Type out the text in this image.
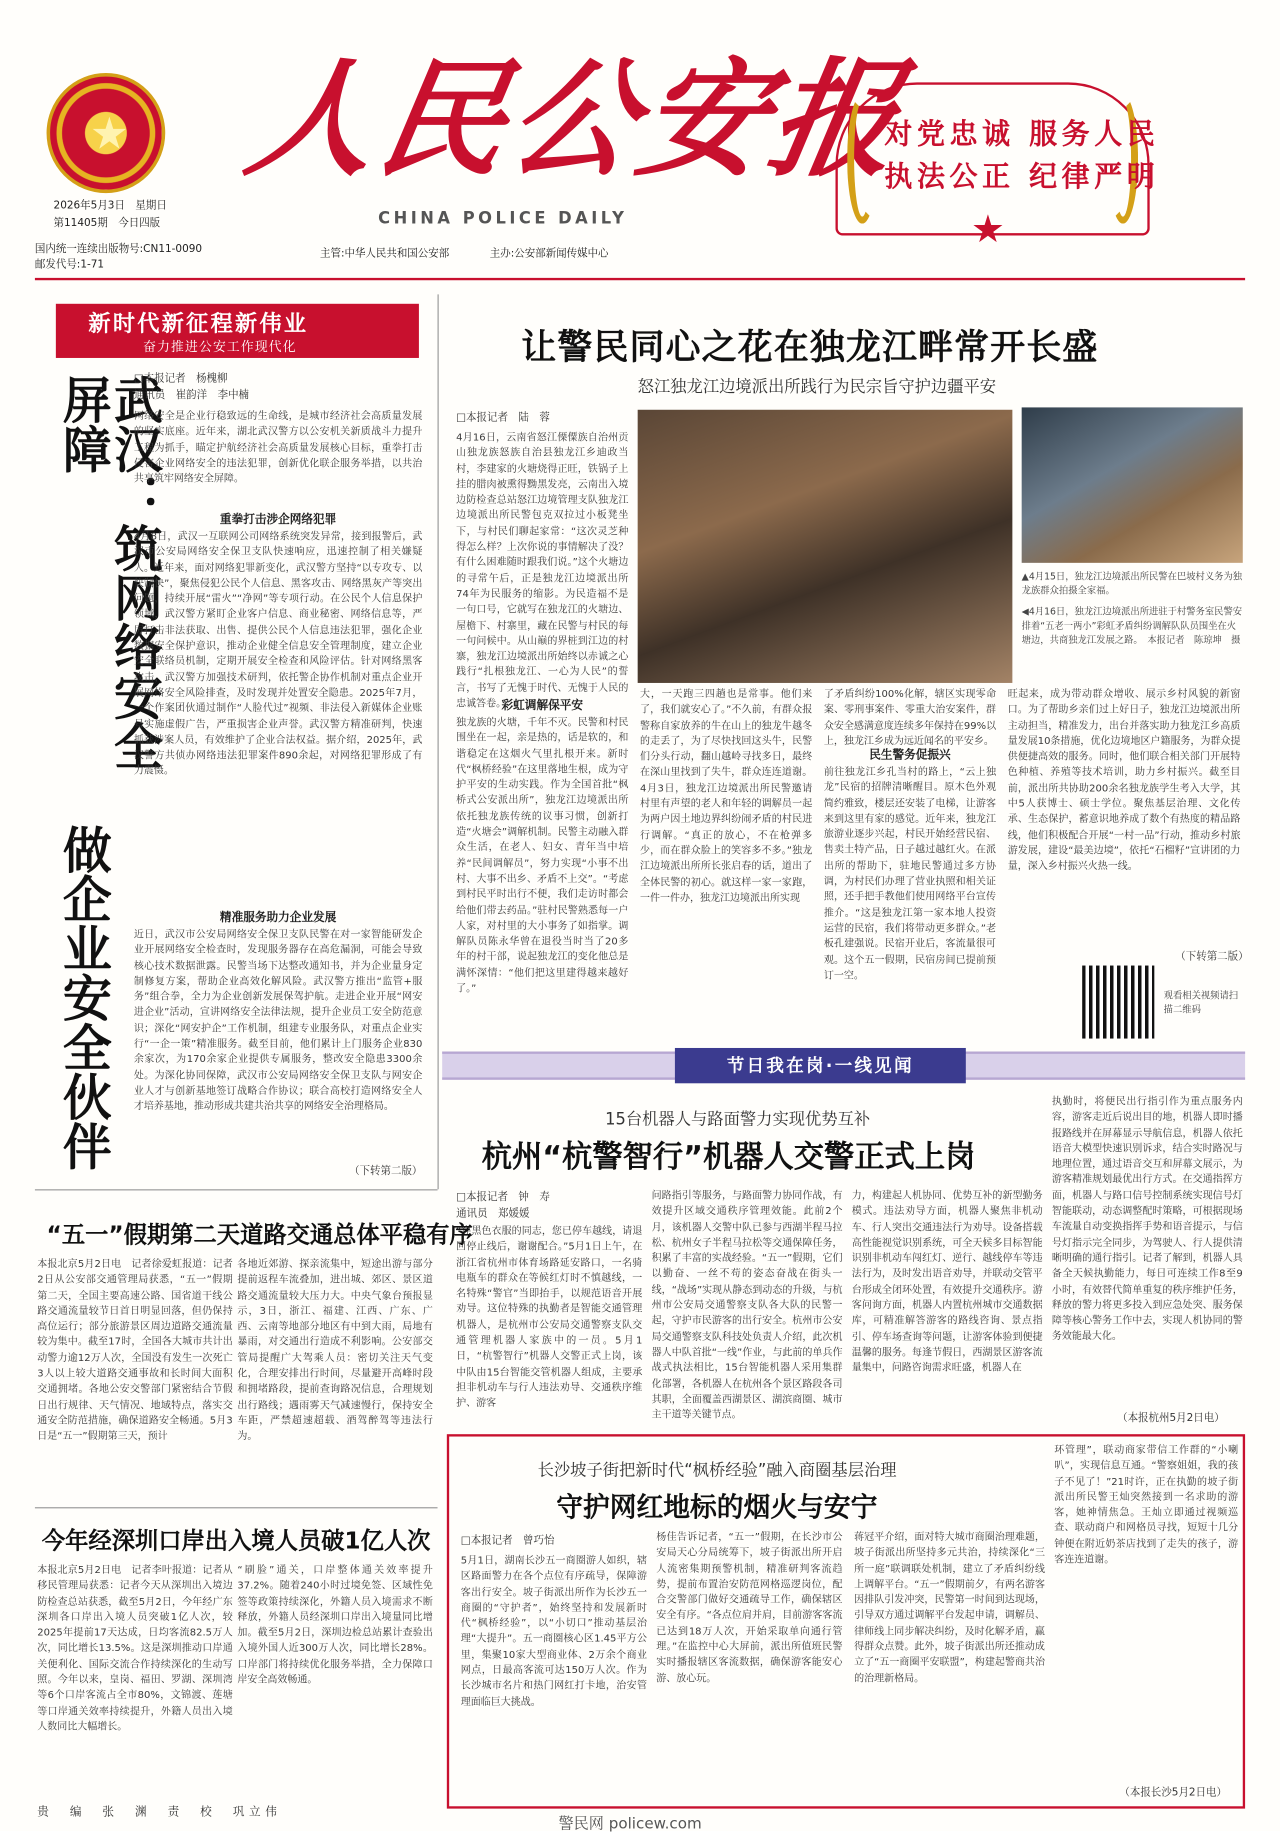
人民公安报
CHINA POLICE DAILY
2026年5月3日　星期日
第11405期　今日四版
国内统一连续出版物号:CN11-0090
邮发代号:1-71
主管:中华人民共和国公安部	主办:公安部新闻传媒中心
对党忠诚 服务人民
执法公正 纪律严明
新时代新征程新伟业
奋力推进公安工作现代化
武汉：筑网络安全屏障
做企业安全伙伴
□本报记者　杨槐柳
通讯员　崔韵洋　李中楠
网络安全是企业行稳致远的生命线，是城市经济社会高质量发展的坚实底座。近年来，湖北武汉警方以公安机关新质战斗力提升工程为抓手，瞄定护航经济社会高质量发展核心目标，重拳打击侵害企业网络安全的违法犯罪，创新优化联企服务举措，以共治共享筑牢网络安全屏障。
重拳打击涉企网络犯罪
4月8日，武汉一互联网公司网络系统突发异常，接到报警后，武汉市公安局网络安全保卫支队快速响应，迅速控制了相关嫌疑人。近年来，面对网络犯罪新变化，武汉警方坚持“以专攻专、以快制快”，聚焦侵犯公民个人信息、黑客攻击、网络黑灰产等突出问题，持续开展“雷火”“净网”等专项行动。在公民个人信息保护领域，武汉警方紧盯企业客户信息、商业秘密、网络信息等，严厉打击非法获取、出售、提供公民个人信息违法犯罪，强化企业数据安全保护意识，推动企业健全信息安全管理制度，建立企业安全联络员机制，定期开展安全检查和风险评估。针对网络黑客攻击，武汉警方加强技术研判，依托警企协作机制对重点企业开展网络安全风险排查，及时发现并处置安全隐患。2025年7月，一个作案团伙通过制作“人脸代过”视频、非法侵入新媒体企业账号实施虚假广告，严重损害企业声誉。武汉警方精准研判，快速抓获涉案人员，有效维护了企业合法权益。据介绍，2025年，武汉警方共侦办网络违法犯罪案件890余起，对网络犯罪形成了有力震慑。
精准服务助力企业发展
近日，武汉市公安局网络安全保卫支队民警在对一家智能研发企业开展网络安全检查时，发现服务器存在高危漏洞，可能会导致核心技术数据泄露。民警当场下达整改通知书，并为企业量身定制修复方案，帮助企业高效化解风险。武汉警方推出“监管+服务”组合拳，全力为企业创新发展保驾护航。走进企业开展“网安进企业”活动，宣讲网络安全法律法规，提升企业员工安全防范意识；深化“网安护企”工作机制，组建专业服务队，对重点企业实行“一企一策”精准服务。截至目前，他们累计上门服务企业830余家次，为170余家企业提供专属服务，整改安全隐患3300余处。为深化协同保障，武汉市公安局网络安全保卫支队与网安企业人才与创新基地签订战略合作协议；联合高校打造网络安全人才培养基地，推动形成共建共治共享的网络安全治理格局。
（下转第二版）
让警民同心之花在独龙江畔常开长盛
怒江独龙江边境派出所践行为民宗旨守护边疆平安
□本报记者　陆　蓉
4月16日，云南省怒江傈僳族自治州贡山独龙族怒族自治县独龙江乡迪政当村，李建家的火塘烧得正旺，铁锅子上挂的腊肉被熏得黝黑发亮，云南出入境边防检查总站怒江边境管理支队独龙江边境派出所民警包克双拉过小板凳坐下，与村民们聊起家常：“这次灵芝种得怎么样？上次你说的事情解决了没？有什么困难随时跟我们说。”这个火塘边的寻常午后，正是独龙江边境派出所74年为民服务的缩影。为民造福不是一句口号，它就写在独龙江的火塘边、屋檐下、村寨里，藏在民警与村民的每一句问候中。从山巅的界桩到江边的村寨，独龙江边境派出所始终以赤诚之心践行“扎根独龙江、一心为人民”的誓言，书写了无愧于时代、无愧于人民的忠诚答卷。
▲4月15日，独龙江边境派出所民警在巴坡村义务为独龙族群众拍摄全家福。
◀4月16日，独龙江边境派出所进驻于村警务室民警安排着“五老一两小”彩虹矛盾纠纷调解队队员围坐在火塘边，共商独龙江发展之路。　本报记者　陈琼坤　摄
彩虹调解保平安
独龙族的火塘，千年不灭。民警和村民围坐在一起，亲是热的，话是软的，和谐稳定在这烟火气里扎根开来。新时代“枫桥经验”在这里落地生根，成为守护平安的生动实践。作为全国首批“枫桥式公安派出所”，独龙江边境派出所依托独龙族传统的议事习惯，创新打造“火塘会”调解机制。民警主动融入群众生活，在老人、妇女、青年当中培养“民间调解员”，努力实现“小事不出村、大事不出乡、矛盾不上交”。“考虑到村民平时出行不便，我们走访时都会给他们带去药品。”驻村民警熟悉每一户人家，对村里的大小事务了如指掌。调解队员陈永华曾在退役当时当了20多年的村干部，说起独龙江的变化他总是满怀深情：“他们把这里建得越来越好了。”
大，一天跑三四趟也是常事。他们来了，我们就安心了。”不久前，有群众报警称自家放养的牛在山上的独龙牛越冬的走丢了，为了尽快找回这头牛，民警们分头行动，翻山越岭寻找多日，最终在深山里找到了失牛，群众连连道谢。4月3日，独龙江边境派出所民警邀请村里有声望的老人和年轻的调解员一起为两户因土地边界纠纷闹矛盾的村民进行调解。“真正的放心，不在枪弹多少，而在群众脸上的笑容多不多。”独龙江边境派出所所长张启春的话，道出了全体民警的初心。就这样一家一家跑，一件一件办，独龙江边境派出所实现
了矛盾纠纷100%化解，辖区实现零命案、零刑事案件、零重大治安案件，群众安全感满意度连续多年保持在99%以上，独龙江乡成为远近闻名的平安乡。
民生警务促振兴
前往独龙江乡孔当村的路上，“云上独龙”民宿的招牌清晰醒目。原木色外观简约雅致，楼层还安装了电梯，让游客来到这里有家的感觉。近年来，独龙江旅游业逐步兴起，村民开始经营民宿、售卖土特产品，日子越过越红火。在派出所的帮助下，驻地民警通过多方协调，为村民们办理了营业执照和相关证照，还手把手教他们使用网络平台宣传推介。“这是独龙江第一家本地人投资运营的民宿，我们将带动更多群众。”老板孔建强说。民宿开业后，客流量很可观。这个五一假期，民宿房间已提前预订一空。
旺起来，成为带动群众增收、展示乡村风貌的新窗口。为了帮助乡亲们过上好日子，独龙江边境派出所主动担当，精准发力，出台并落实助力独龙江乡高质量发展10条措施，优化边境地区户籍服务，为群众提供便捷高效的服务。同时，他们联合相关部门开展特色种植、养殖等技术培训，助力乡村振兴。截至目前，派出所共协助200余名独龙族学生考入大学，其中5人获博士、硕士学位。聚焦基层治理、文化传承、生态保护，蓄意识地养成了数个有热度的精品路线，他们积极配合开展“一村一品”行动，推动乡村旅游发展，建设“最美边境”，依托“石榴籽”宣讲团的力量，深入乡村振兴火热一线。
（下转第二版）
观看相关视频请扫描二维码
节日我在岗·一线见闻
15台机器人与路面警力实现优势互补
杭州“杭警智行”机器人交警正式上岗
□本报记者　钟　寿
通讯员　郑媛媛
“穿黑色衣服的同志，您已停车越线，请退回停止线后，谢谢配合。”5月1日上午，在浙江省杭州市体育场路延安路口，一名骑电瓶车的群众在等候红灯时不慎越线，一名特殊“警官”当即抬手，以规范语音开展劝导。这位特殊的执勤者是智能交通管理机器人，是杭州市公安局交通警察支队交通管理机器人家族中的一员。5月1日，“杭警智行”机器人交警正式上岗，该中队由15台智能交管机器人组成，主要承担非机动车与行人违法劝导、交通秩序维护、游客
问路指引等服务，与路面警力协同作战，有效提升区域交通秩序管理效能。此前2个月，该机器人交警中队已参与西湖半程马拉松、杭州女子半程马拉松等交通保障任务，积累了丰富的实战经验。“五一”假期，它们以勤奋、一丝不苟的姿态奋战在街头一线，“战场”实现从静态到动态的升级，与杭州市公安局交通警察支队各大队的民警一起，守护市民游客的出行安全。杭州市公安局交通警察支队科技处负责人介绍，此次机器人中队首批“一线”作业，与此前的单兵作战式执法相比，15台智能机器人采用集群化部署，各机器人在杭州各个景区路段各司其职，全面覆盖西湖景区、湖滨商圈、城市主干道等关键节点。
力，构建起人机协同、优势互补的新型勤务模式。违法劝导方面，机器人聚焦非机动车、行人突出交通违法行为劝导。设备搭载高性能视觉识别系统，可全天候多目标智能识别非机动车闯红灯、逆行、越线停车等违法行为，及时发出语音劝导，并联动交管平台形成全闭环处置，有效提升交通秩序。游客问询方面，机器人内置杭州城市交通数据库，可精准解答游客的路线咨询、景点指引、停车场查询等问题，让游客体验到便捷温馨的服务。每逢节假日，西湖景区游客流量集中，问路咨询需求旺盛，机器人在
执勤时，将便民出行指引作为重点服务内容，游客走近后说出目的地，机器人即时播报路线并在屏幕显示导航信息，机器人依托语音大模型快速识别诉求，结合实时路况与地理位置，通过语音交互和屏幕文展示，为游客精准规划最优出行方式。在交通指挥方面，机器人与路口信号控制系统实现信号灯智能联动，动态调整配时策略，可根据现场车流量自动变换指挥手势和语音提示，与信号灯指示完全同步，为驾驶人、行人提供清晰明确的通行指引。记者了解到，机器人具备全天候执勤能力，每日可连续工作8至9小时，有效替代简单重复的秩序维护任务，释放的警力将更多投入到应急处突、服务保障等核心警务工作中去，实现人机协同的警务效能最大化。
（本报杭州5月2日电）
“五一”假期第二天道路交通总体平稳有序
本报北京5月2日电　记者徐爱虹报道：记者2日从公安部交通管理局获悉，“五一”假期第二天，全国主要高速公路、国省道干线公路交通流量较节日首日明显回落，但仍保持高位运行；部分旅游景区周边道路交通流量较为集中。截至17时，全国各大城市共计出动警力逾12万人次，全国没有发生一次死亡3人以上较大道路交通事故和长时间大面积交通拥堵。各地公安交警部门紧密结合节假日出行规律、天气情况、地域特点，落实交通安全防范措施，确保道路安全畅通。5月3日是“五一”假期第三天，预计
各地近郊游、探亲流集中，短途出游与部分提前返程车流叠加，进出城、郊区、景区道路交通流量较大压力大。中央气象台预报显示，3日，浙江、福建、江西、广东、广西、云南等地部分地区有中到大雨，局地有暴雨，对交通出行造成不利影响。公安部交管局提醒广大驾乘人员：密切关注天气变化，合理安排出行时间，尽量避开高峰时段和拥堵路段，提前查询路况信息，合理规划出行路线；遇雨雾天气减速慢行，保持安全车距，严禁超速超载、酒驾醉驾等违法行为。
今年经深圳口岸出入境人员破1亿人次
本报北京5月2日电　记者李叶报道：记者从移民管理局获悉：记者今天从深圳出入境边防检查总站获悉，截至5月2日，今年经广东深圳各口岸出入境人员突破1亿人次，较2025年提前17天达成，日均客流82.5万人次，同比增长13.5%。这是深圳推动口岸通关便利化、国际交流合作持续深化的生动写照。今年以来，皇岗、福田、罗湖、深圳湾等6个口岸客流占全市80%，文锦渡、莲塘等口岸通关效率持续提升，外籍人员出入境人数同比大幅增长。
“刷脸”通关，口岸整体通关效率提升37.2%。随着240小时过境免签、区域性免签等政策持续深化，外籍人员入境需求不断释放，外籍人员经深圳口岸出入境量同比增加。截至5月2日，深圳边检总站累计查验出入境外国人近300万人次，同比增长28%。口岸部门将持续优化服务举措，全力保障口岸安全高效畅通。
贵　编　张　渊　责　校　巩立伟
长沙坡子街把新时代“枫桥经验”融入商圈基层治理
守护网红地标的烟火与安宁
□本报记者　曾巧怡
5月1日，湖南长沙五一商圈游人如织，辖区路面警力在各个点位有序疏导，保障游客出行安全。坡子街派出所作为长沙五一商圈的“守护者”，始终坚持和发展新时代“枫桥经验”，以“小切口”推动基层治理“大提升”。五一商圈核心区1.45平方公里，集聚10家大型商业体、2万余个商业网点，日最高客流可达150万人次。作为长沙城市名片和热门网红打卡地，治安管理面临巨大挑战。
杨佳告诉记者，“五一”假期，在长沙市公安局天心分局统筹下，坡子街派出所开启人流密集期预警机制，精准研判客流趋势，提前布置治安防范网格巡逻岗位，配合交警部门做好交通疏导工作，确保辖区安全有序。“各点位肩并肩，目前游客客流已达到18万人次，开始采取单向通行管理。”在监控中心大屏前，派出所值班民警实时播报辖区客流数据，确保游客能安心游、放心玩。
蒋冠平介绍，面对特大城市商圈治理难题，坡子街派出所坚持多元共治，持续深化“三所一庭”联调联处机制，建立了矛盾纠纷线上调解平台。“五一”假期前夕，有两名游客因排队引发冲突，民警第一时间到达现场，引导双方通过调解平台发起申请，调解员、律师线上同步解决纠纷，及时化解矛盾，赢得群众点赞。此外，坡子街派出所还推动成立了“五一商圈平安联盟”，构建起警商共治的治理新格局。
环管理”，联动商家带信工作群的“小喇叭”，实现信息互通。“警察姐姐，我的孩子不见了！”21时许，正在执勤的坡子街派出所民警王灿突然接到一名求助的游客，她神情焦急。王灿立即通过视频巡查、联动商户和网格员寻找，短短十几分钟便在附近奶茶店找到了走失的孩子，游客连连道谢。
（本报长沙5月2日电）
警民网 policew.com
